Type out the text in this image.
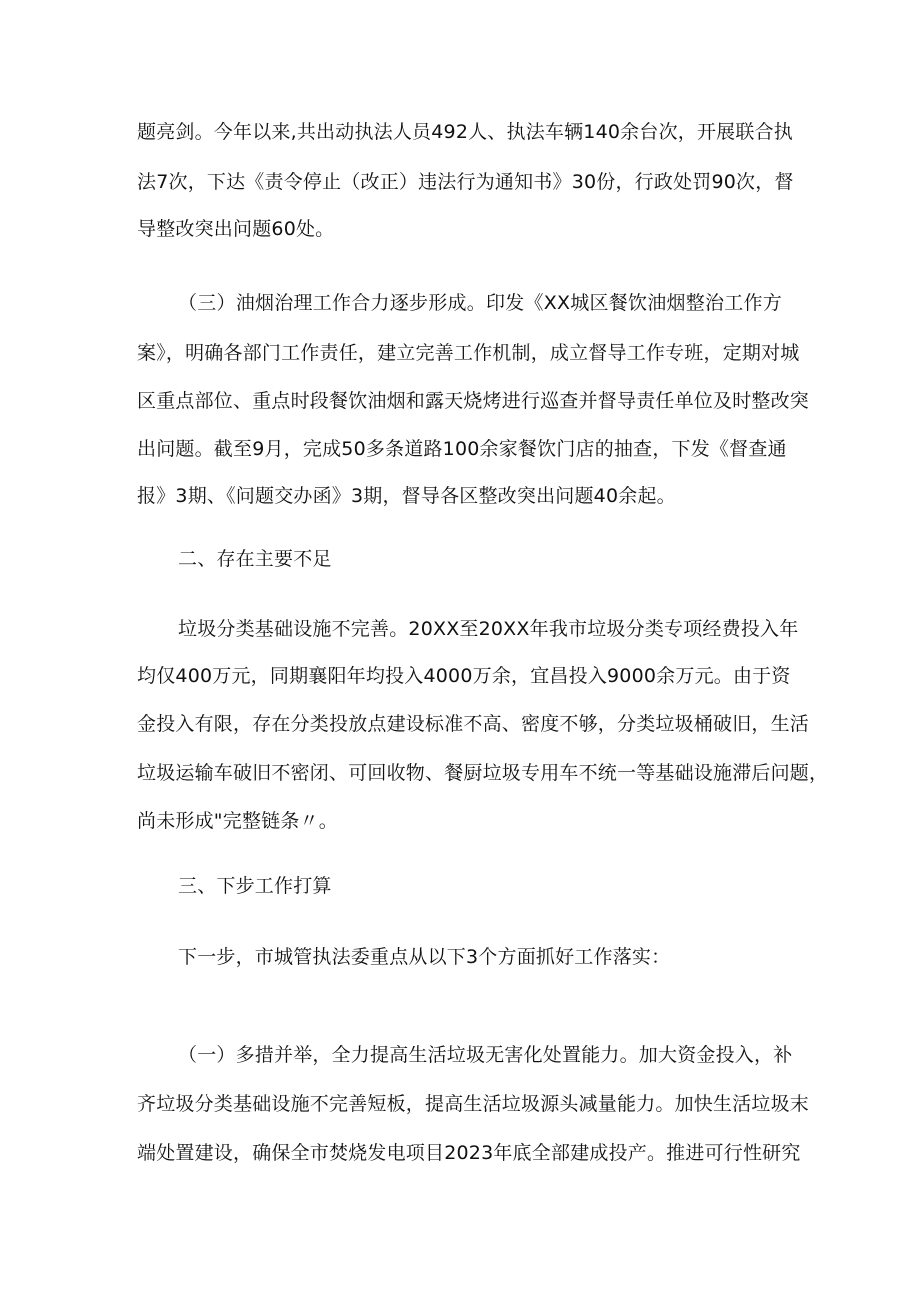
题亮剑。今年以来,共出动执法人员492人、执法车辆140余台次，开展联合执
法7次，下达《责令停止（改正）违法行为通知书》30份，行政处罚90次，督
导整改突出问题60处。
（三）油烟治理工作合力逐步形成。印发《XX城区餐饮油烟整治工作方
案》，明确各部门工作责任，建立完善工作机制，成立督导工作专班，定期对城
区重点部位、重点时段餐饮油烟和露天烧烤进行巡查并督导责任单位及时整改突
出问题。截至9月，完成50多条道路100余家餐饮门店的抽查，下发《督查通
报》3期、《问题交办函》3期，督导各区整改突出问题40余起。
二、存在主要不足
垃圾分类基础设施不完善。20XX至20XX年我市垃圾分类专项经费投入年
均仅400万元，同期襄阳年均投入4000万余，宜昌投入9000余万元。由于资
金投入有限，存在分类投放点建设标准不高、密度不够，分类垃圾桶破旧，生活
垃圾运输车破旧不密闭、可回收物、餐厨垃圾专用车不统一等基础设施滞后问题，
尚未形成"完整链条〃。
三、下步工作打算
下一步，市城管执法委重点从以下3个方面抓好工作落实：
（一）多措并举，全力提高生活垃圾无害化处置能力。加大资金投入，补
齐垃圾分类基础设施不完善短板，提高生活垃圾源头减量能力。加快生活垃圾末
端处置建设，确保全市焚烧发电项目2023年底全部建成投产。推进可行性研究
